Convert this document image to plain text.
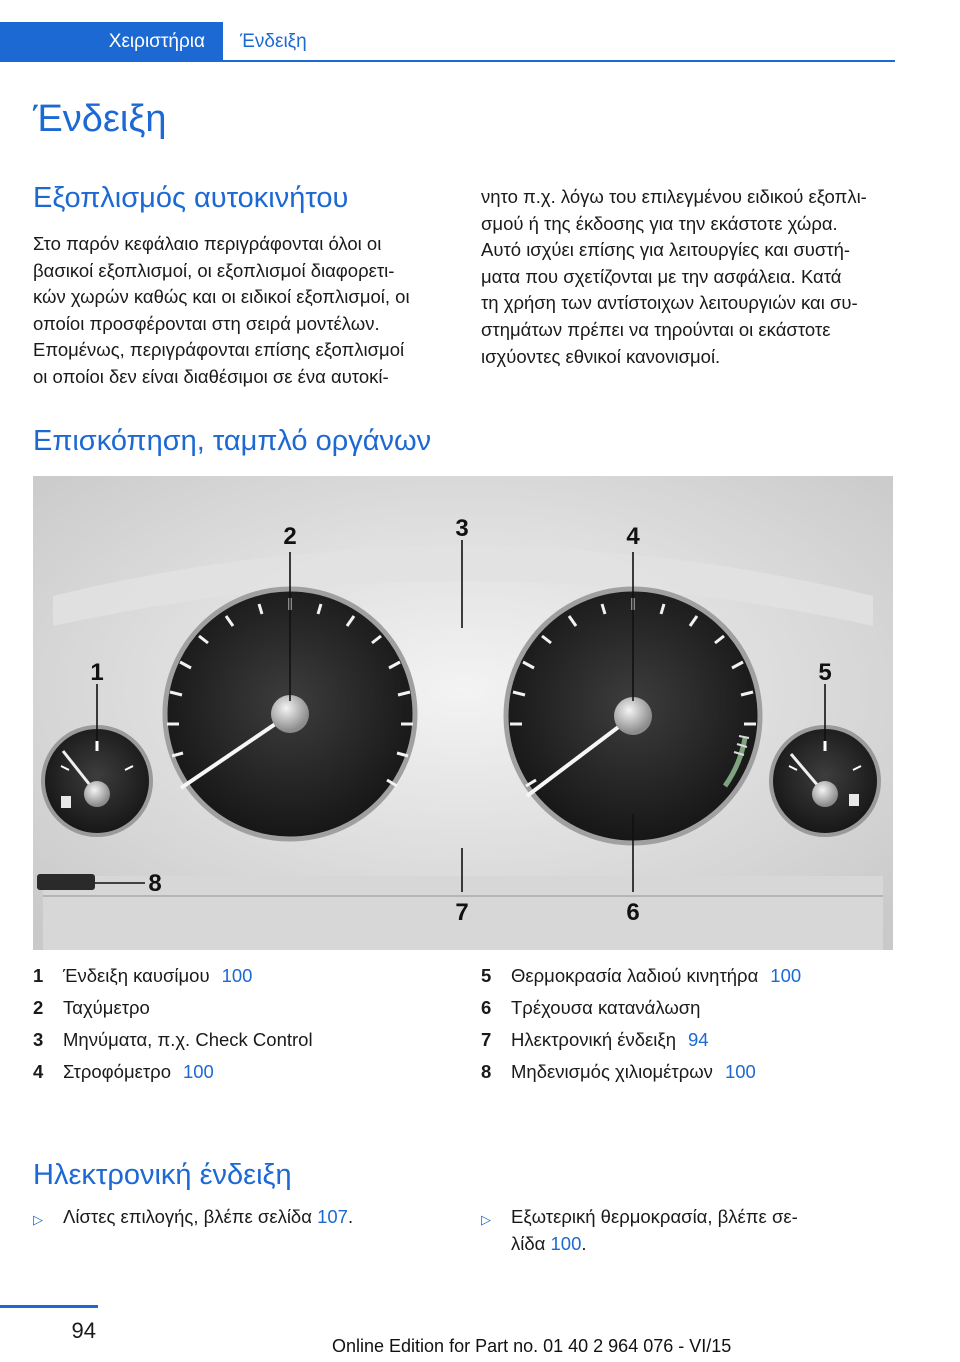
Χειριστήρια	Ένδειξη
Ένδειξη
Εξοπλισμός αυτοκινήτου
Στο παρόν κεφάλαιο περιγράφονται όλοι οι
βασικοί εξοπλισμοί, οι εξοπλισμοί διαφορετι-
κών χωρών καθώς και οι ειδικοί εξοπλισμοί, οι
οποίοι προσφέρονται στη σειρά μοντέλων.
Επομένως, περιγράφονται επίσης εξοπλισμοί
οι οποίοι δεν είναι διαθέσιμοι σε ένα αυτοκί-
νητο π.χ. λόγω του επιλεγμένου ειδικού εξοπλι-
σμού ή της έκδοσης για την εκάστοτε χώρα.
Αυτό ισχύει επίσης για λειτουργίες και συστή-
ματα που σχετίζονται με την ασφάλεια. Κατά
τη χρήση των αντίστοιχων λειτουργιών και συ-
στημάτων πρέπει να τηρούνται οι εκάστοτε
ισχύοντες εθνικοί κανονισμοί.
Επισκόπηση, ταμπλό οργάνων
1
2	3	4
5
6
7
8
1	Ένδειξη καυσίμου 100
2	Ταχύμετρο
3	Μηνύματα, π.χ. Check Control
4	Στροφόμετρο 100
5	Θερμοκρασία λαδιού κινητήρα 100
6	Τρέχουσα κατανάλωση
7	Ηλεκτρονική ένδειξη 94
8	Μηδενισμός χιλιομέτρων 100
Ηλεκτρονική ένδειξη
▷	Λίστες επιλογής, βλέπε σελίδα 107.	▷	Εξωτερική θερμοκρασία, βλέπε σε-
λίδα 100.
94
Online Edition for Part no. 01 40 2 964 076 - VI/15
